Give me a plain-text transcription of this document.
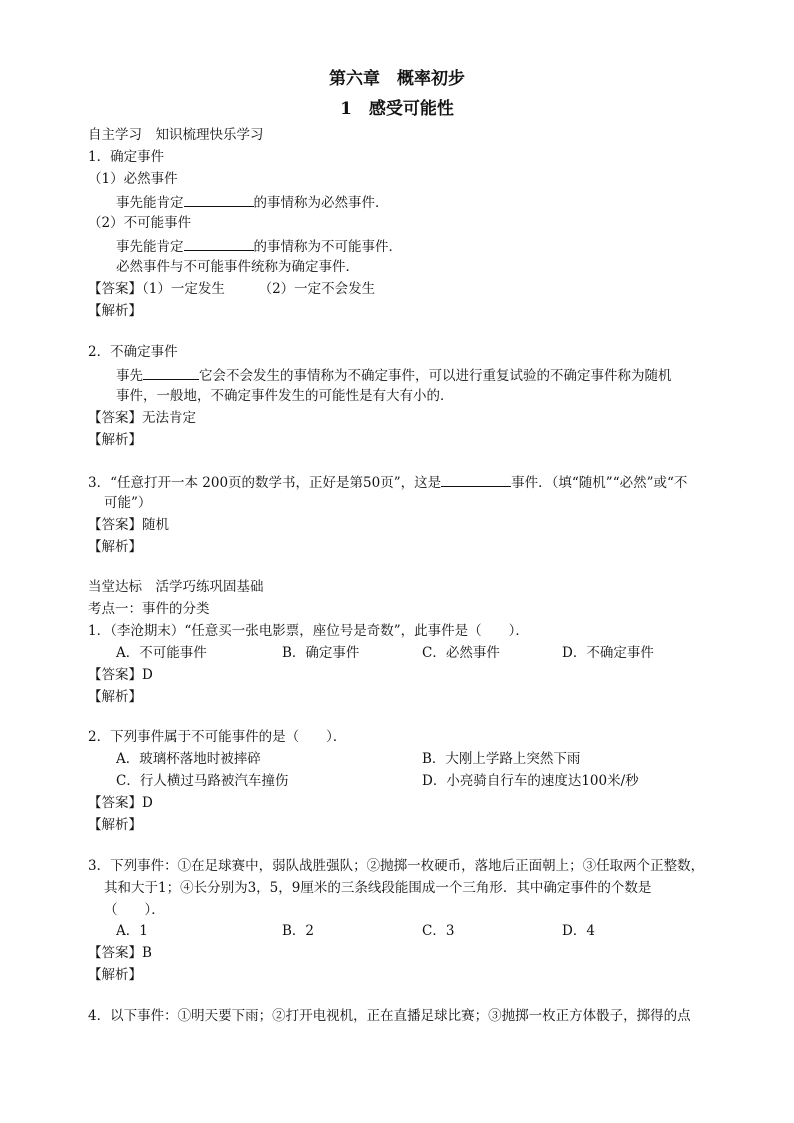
第六章　概率初步
1　感受可能性
自主学习　知识梳理快乐学习
1．确定事件
（1）必然事件
事先能肯定	的事情称为必然事件．
（2）不可能事件
事先能肯定	的事情称为不可能事件．
必然事件与不可能事件统称为确定事件．
【答案】（1）一定发生　　　（2）一定不会发生
【解析】
2．不确定事件
事先	它会不会发生的事情称为不确定事件，可以进行重复试验的不确定事件称为随机
事件，一般地，不确定事件发生的可能性是有大有小的．
【答案】无法肯定
【解析】
3．“任意打开一本 200页的数学书，正好是第50页”，这是	事件．（填“随机”“必然”或“不
可能”）
【答案】随机
【解析】
当堂达标　活学巧练巩固基础
考点一：事件的分类
1．（李沧期末）“任意买一张电影票，座位号是奇数”，此事件是（　　）．
A．不可能事件	B．确定事件	C．必然事件	D．不确定事件
【答案】D
【解析】
2．下列事件属于不可能事件的是（　　）．
A．玻璃杯落地时被摔碎	B．大刚上学路上突然下雨
C．行人横过马路被汽车撞伤	D．小亮骑自行车的速度达100米/秒
【答案】D
【解析】
3．下列事件：①在足球赛中，弱队战胜强队；②抛掷一枚硬币，落地后正面朝上；③任取两个正整数，
其和大于1；④长分别为3，5，9厘米的三条线段能围成一个三角形．其中确定事件的个数是
（　　）．
A．1	B．2	C．3	D．4
【答案】B
【解析】
4．以下事件：①明天要下雨；②打开电视机，正在直播足球比赛；③抛掷一枚正方体骰子，掷得的点
